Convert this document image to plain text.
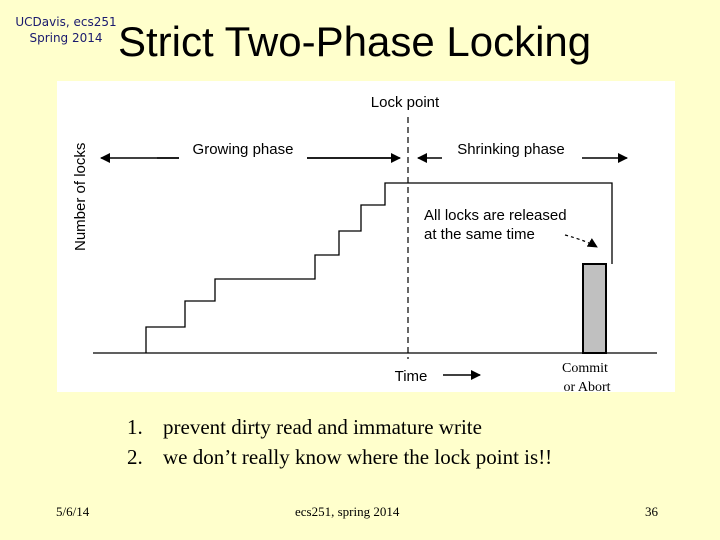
UCDavis, ecs251
Spring 2014 Strict Two-Phase Locking
Number of locks
Lock point
Growing phase	Shrinking phase
All locks are released
at the same time
Time	Commit
or Abort
1. prevent dirty read and immature write
2. we don’t really know where the lock point is!!
5/6/14	ecs251, spring 2014	36
